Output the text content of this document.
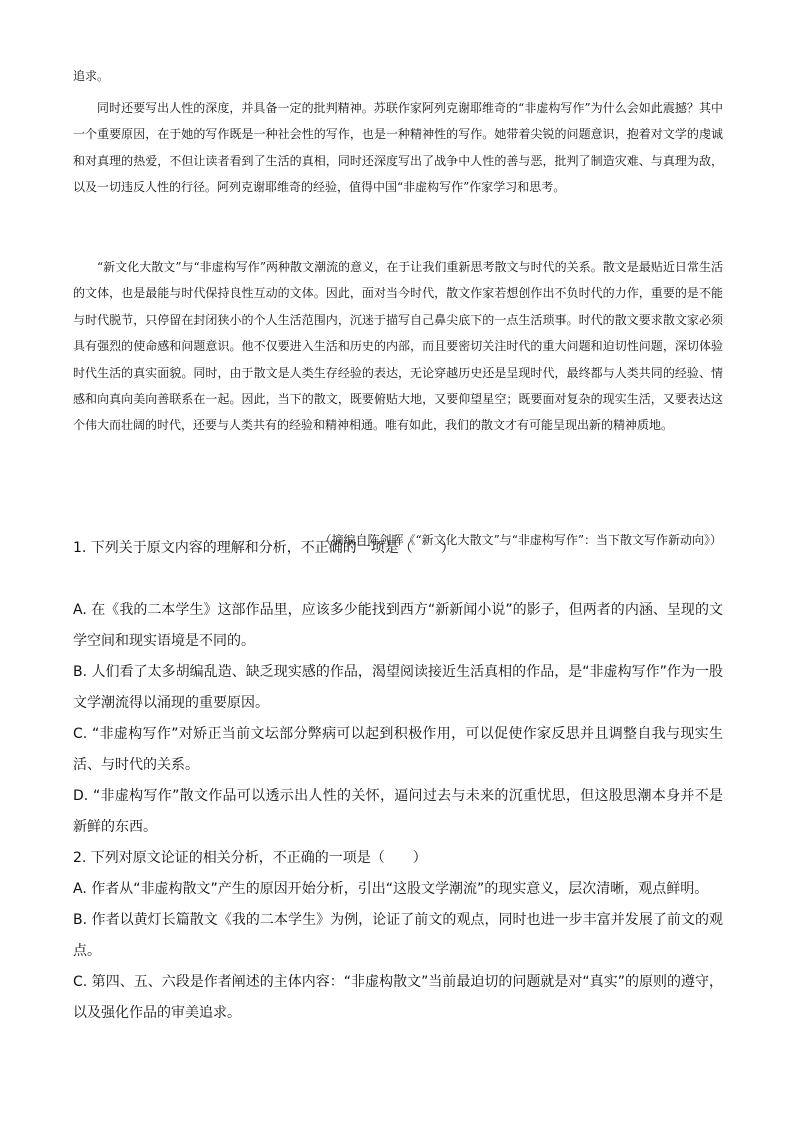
追求。

同时还要写出人性的深度，并具备一定的批判精神。苏联作家阿列克谢耶维奇的“非虚构写作”为什么会如此震撼？其中一个重要原因，在于她的写作既是一种社会性的写作，也是一种精神性的写作。她带着尖锐的问题意识，抱着对文学的虔诚和对真理的热爱，不但让读者看到了生活的真相，同时还深度写出了战争中人性的善与恶，批判了制造灾难、与真理为敌，以及一切违反人性的行径。阿列克谢耶维奇的经验，值得中国“非虚构写作”作家学习和思考。

“新文化大散文”与“非虚构写作”两种散文潮流的意义，在于让我们重新思考散文与时代的关系。散文是最贴近日常生活的文体，也是最能与时代保持良性互动的文体。因此，面对当今时代，散文作家若想创作出不负时代的力作，重要的是不能与时代脱节，只停留在封闭狭小的个人生活范围内，沉迷于描写自己鼻尖底下的一点生活琐事。时代的散文要求散文家必须具有强烈的使命感和问题意识。他不仅要进入生活和历史的内部，而且要密切关注时代的重大问题和迫切性问题，深切体验时代生活的真实面貌。同时，由于散文是人类生存经验的表达，无论穿越历史还是呈现时代，最终都与人类共同的经验、情感和向真向美向善联系在一起。因此，当下的散文，既要俯贴大地，又要仰望星空；既要面对复杂的现实生活，又要表达这个伟大而壮阔的时代，还要与人类共有的经验和精神相通。唯有如此，我们的散文才有可能呈现出新的精神质地。

（摘编自陈剑晖《“新文化大散文”与“非虚构写作”：当下散文写作新动向》）

1. 下列关于原文内容的理解和分析，不正确的一项是（　　）

A. 在《我的二本学生》这部作品里，应该多少能找到西方“新新闻小说”的影子，但两者的内涵、呈现的文学空间和现实语境是不同的。

B. 人们看了太多胡编乱造、缺乏现实感的作品，渴望阅读接近生活真相的作品，是“非虚构写作”作为一股文学潮流得以涌现的重要原因。

C. “非虚构写作”对矫正当前文坛部分弊病可以起到积极作用，可以促使作家反思并且调整自我与现实生活、与时代的关系。

D. “非虚构写作”散文作品可以透示出人性的关怀，逼问过去与未来的沉重忧思，但这股思潮本身并不是新鲜的东西。

2. 下列对原文论证的相关分析，不正确的一项是（　　）

A. 作者从“非虚构散文”产生的原因开始分析，引出“这股文学潮流”的现实意义，层次清晰，观点鲜明。

B. 作者以黄灯长篇散文《我的二本学生》为例，论证了前文的观点，同时也进一步丰富并发展了前文的观点。

C. 第四、五、六段是作者阐述的主体内容：“非虚构散文”当前最迫切的问题就是对“真实”的原则的遵守，以及强化作品的审美追求。
